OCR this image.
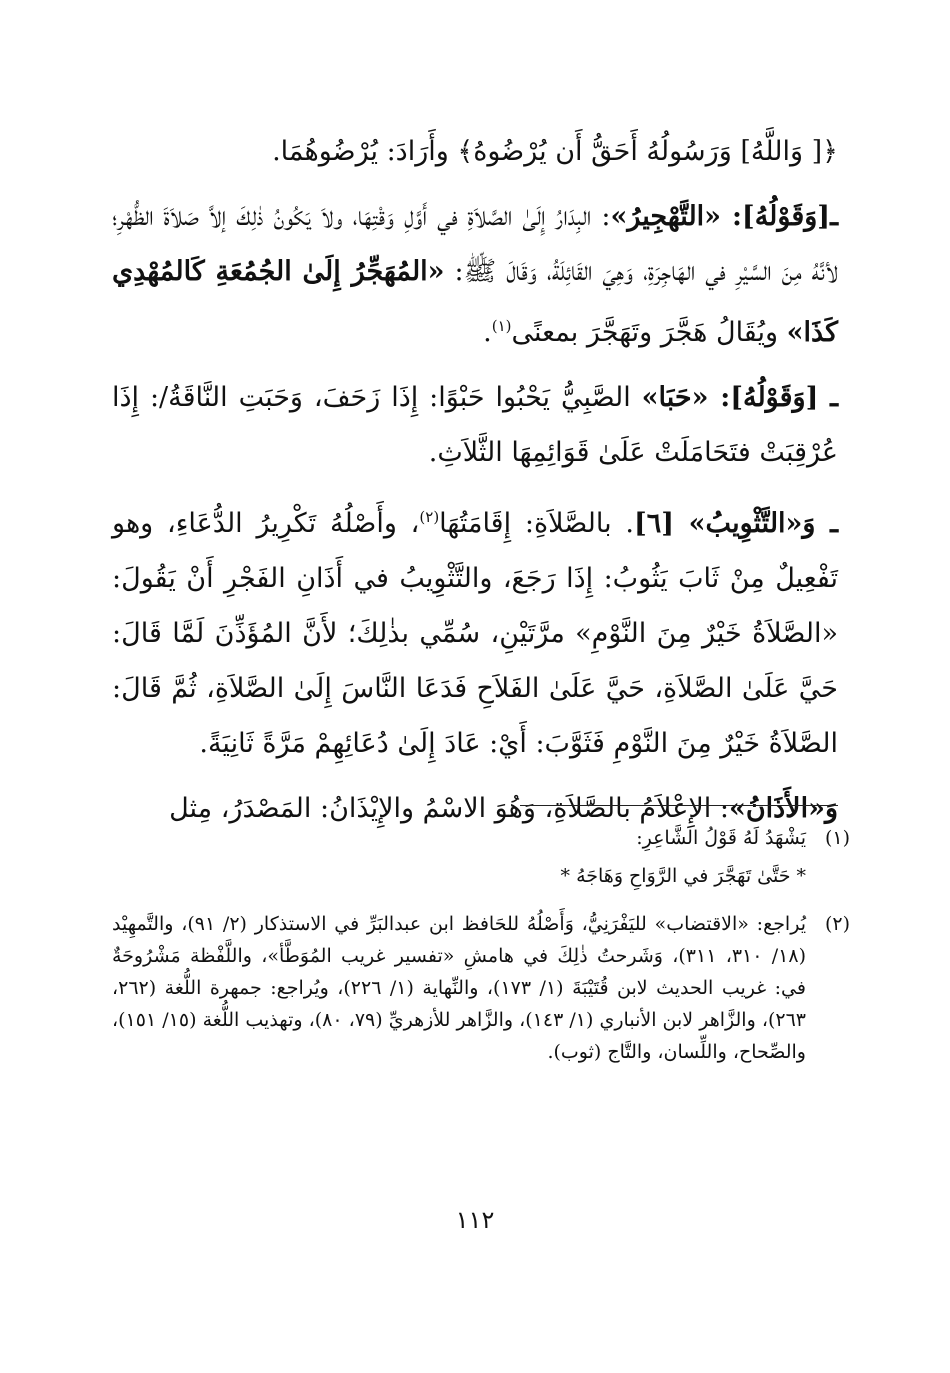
﴿[ وَاللَّهُ] وَرَسُولُهُ أَحَقُّ أَن يُرْضُوهُ﴾ وأَرَادَ: يُرْضُوهُمَا.

ـ[وَقَوْلُهُ]: «التَّهْجِيرُ»: البِدَارُ إِلَىٰ الصَّلاَةِ في أَوَّلِ وَقْتِهَا، ولاَ يَكُونُ ذٰلِكَ إلاَّ صَلاَةَ الظُّهْرِ؛ لأنَّهُ مِنَ السَّيْرِ في الهَاجِرَةِ، وَهِيَ القَائِلَةُ، وَقَالَ ﷺ: «المُهَجِّرُ إِلَىٰ الجُمُعَةِ كَالمُهْدِي كَذَا» ويُقَالُ هَجَّرَ وتَهَجَّرَ بمعنًى$^{(١)}$.

ـ [وَقَوْلُهُ]: «حَبَا» الصَّبِيُّ يَحْبُوا حَبْوًا: إِذَا زَحَفَ، وَحَبَتِ النَّاقَةُ/: إِذَا عُرْقِبَتْ فتَحَامَلَتْ عَلَىٰ قَوَائِمِهَا الثَّلاَثِ.

ـ وَ«التَّثْوِيبُ» [٦]. بالصَّلاَةِ: إِقَامَتُهَا$^{(٢)}$، وأَصْلُهُ تَكْرِيرُ الدُّعَاءِ، وهو تَفْعِيلٌ مِنْ ثَابَ يَثُوبُ: إِذَا رَجَعَ، والتَّثْوِيبُ في أَذَانِ الفَجْرِ أَنْ يَقُولَ: «الصَّلاَةُ خَيْرٌ مِنَ النَّوْمِ» مرَّتَيْنِ، سُمِّي بذٰلِكَ؛ لأَنَّ المُؤَذِّنَ لَمَّا قَالَ: حَيَّ عَلَىٰ الصَّلاَةِ، حَيَّ عَلَىٰ الفَلاَحِ فَدَعَا النَّاسَ إِلَىٰ الصَّلاَةِ، ثُمَّ قَالَ: الصَّلاَةُ خَيْرٌ مِنَ النَّوْمِ فَثَوَّبَ: أَيْ: عَادَ إِلَىٰ دُعَائِهِمْ مَرَّةً ثَانِيَةً.

وَ«الأَذَانُ»: الإِعْلاَمُ بالصَّلاَةِ، وَهُوَ الاسْمُ والإِيْذَانُ: المَصْدَرُ، مِثل

(١)
يَشْهَدُ لَهُ قَوْلُ الشَّاعِرِ:
* حَتَّىٰ تَهَجَّرَ في الرَّوَاحِ وَهَاجَهُ *
(٢)
يُراجع: «الاقتضاب» لليَفْرَنِيُّ، وَأَصْلُهُ للحَافظ ابن عبدالبَرِّ في الاستذكار (٢/ ٩١)، والتَّمهِيْد (١٨/ ٣١٠، ٣١١)، وَشَرحتُ ذٰلِكَ في هامشِ «تفسير غريب المُوَطَّأ»، واللَّفْظة مَشْرُوحَةٌ في: غريب الحديث لابن قُتَيْبَةَ (١/ ١٧٣)، والنِّهاية (١/ ٢٢٦)، ويُراجع: جمهرة اللُّغة (٢٦٢، ٢٦٣)، والزَّاهر لابن الأنباري (١/ ١٤٣)، والزَّاهر للأزهريِّ (٧٩، ٨٠)، وتهذيب اللُّغة (١٥/ ١٥١)، والصِّحاح، واللِّسان، والتَّاج (ثوب).
١١٢
